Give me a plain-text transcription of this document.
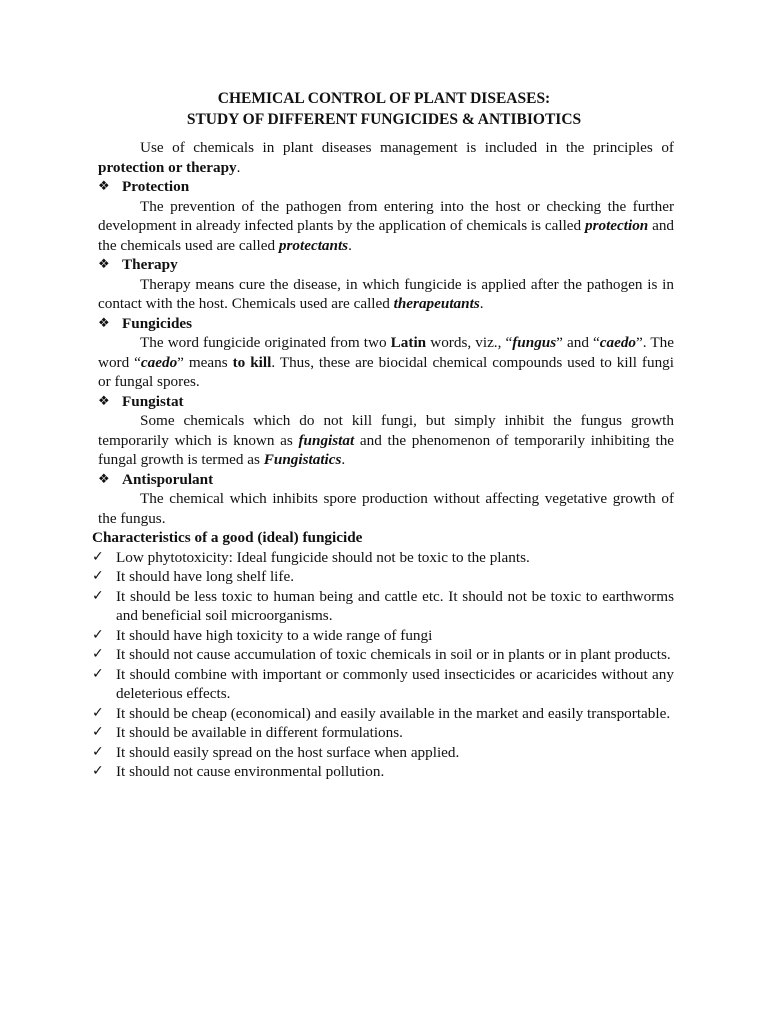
CHEMICAL CONTROL OF PLANT DISEASES:
STUDY OF DIFFERENT FUNGICIDES & ANTIBIOTICS

Use of chemicals in plant diseases management is included in the principles of protection or therapy.

❖ Protection

The prevention of the pathogen from entering into the host or checking the further development in already infected plants by the application of chemicals is called protection and the chemicals used are called protectants.

❖ Therapy

Therapy means cure the disease, in which fungicide is applied after the pathogen is in contact with the host. Chemicals used are called therapeutants.

❖ Fungicides

The word fungicide originated from two Latin words, viz., “fungus” and “caedo”. The word “caedo” means to kill. Thus, these are biocidal chemical compounds used to kill fungi or fungal spores.

❖ Fungistat

Some chemicals which do not kill fungi, but simply inhibit the fungus growth temporarily which is known as fungistat and the phenomenon of temporarily inhibiting the fungal growth is termed as Fungistatics.

❖ Antisporulant

The chemical which inhibits spore production without affecting vegetative growth of the fungus.

Characteristics of a good (ideal) fungicide
✓ Low phytotoxicity: Ideal fungicide should not be toxic to the plants.
✓ It should have long shelf life.
✓ It should be less toxic to human being and cattle etc. It should not be toxic to earthworms and beneficial soil microorganisms.
✓ It should have high toxicity to a wide range of fungi
✓ It should not cause accumulation of toxic chemicals in soil or in plants or in plant products.
✓ It should combine with important or commonly used insecticides or acaricides without any deleterious effects.
✓ It should be cheap (economical) and easily available in the market and easily transportable.
✓ It should be available in different formulations.
✓ It should easily spread on the host surface when applied.
✓ It should not cause environmental pollution.
